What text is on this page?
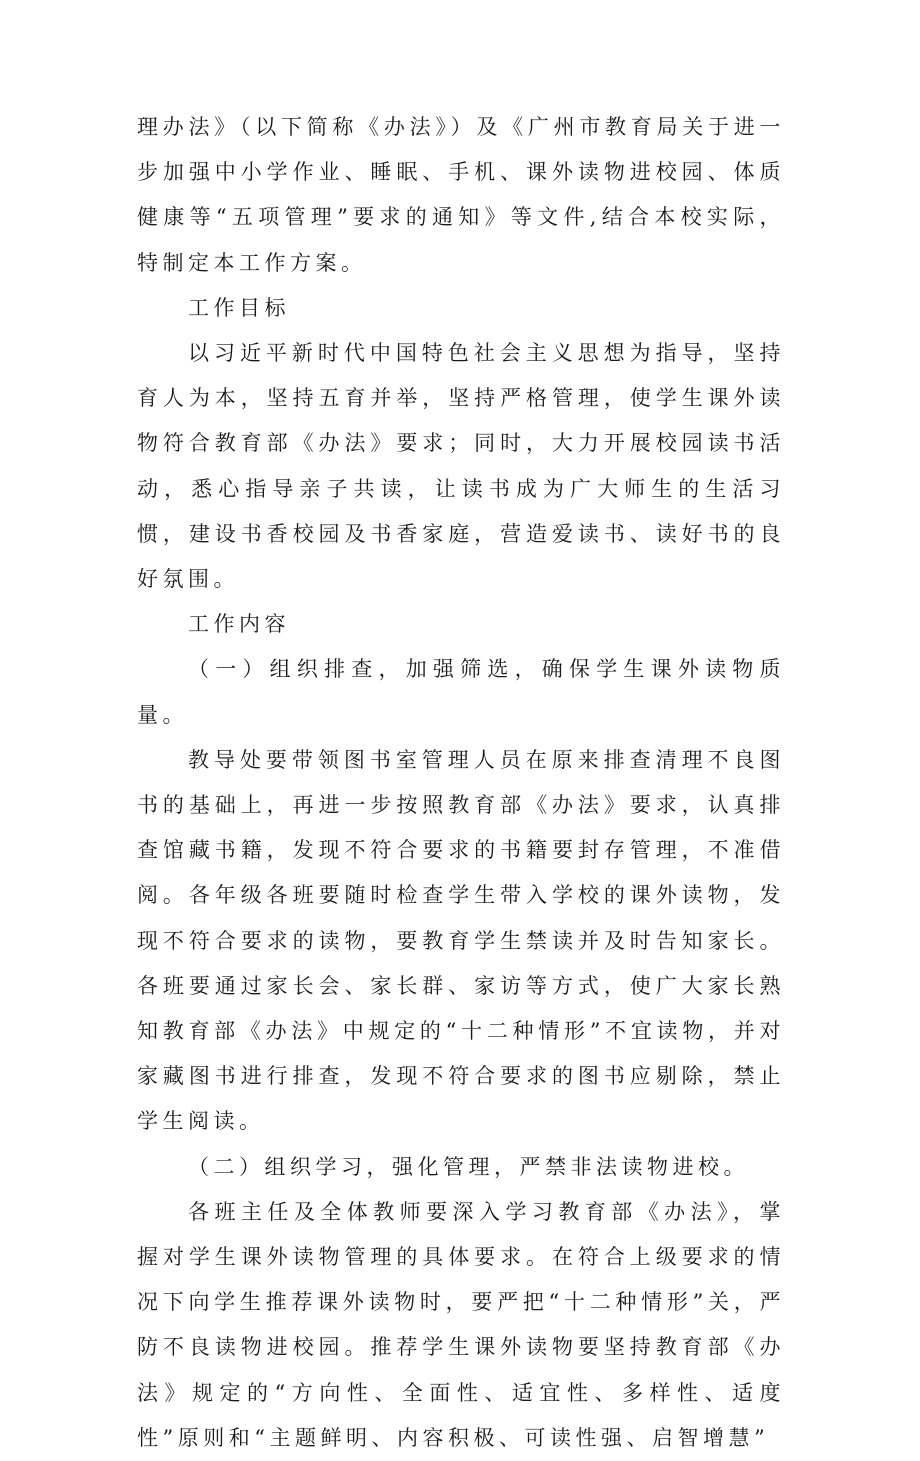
理办法》（以下简称《办法》）及《广州市教育局关于进一步加强中小学作业、睡眠、手机、课外读物进校园、体质健康等“五项管理”要求的通知》等文件,结合本校实际，特制定本工作方案。

工作目标

以习近平新时代中国特色社会主义思想为指导，坚持育人为本，坚持五育并举，坚持严格管理，使学生课外读物符合教育部《办法》要求；同时，大力开展校园读书活动，悉心指导亲子共读，让读书成为广大师生的生活习惯，建设书香校园及书香家庭，营造爱读书、读好书的良好氛围。

工作内容

（一）组织排查，加强筛选，确保学生课外读物质量。

教导处要带领图书室管理人员在原来排查清理不良图书的基础上，再进一步按照教育部《办法》要求，认真排查馆藏书籍，发现不符合要求的书籍要封存管理，不准借阅。各年级各班要随时检查学生带入学校的课外读物，发现不符合要求的读物，要教育学生禁读并及时告知家长。各班要通过家长会、家长群、家访等方式，使广大家长熟知教育部《办法》中规定的“十二种情形”不宜读物，并对家藏图书进行排查，发现不符合要求的图书应剔除，禁止学生阅读。

（二）组织学习，强化管理，严禁非法读物进校。

各班主任及全体教师要深入学习教育部《办法》，掌握对学生课外读物管理的具体要求。在符合上级要求的情况下向学生推荐课外读物时，要严把“十二种情形”关，严防不良读物进校园。推荐学生课外读物要坚持教育部《办法》规定的“方向性、全面性、适宜性、多样性、适度性”原则和“主题鲜明、内容积极、可读性强、启智增慧”
